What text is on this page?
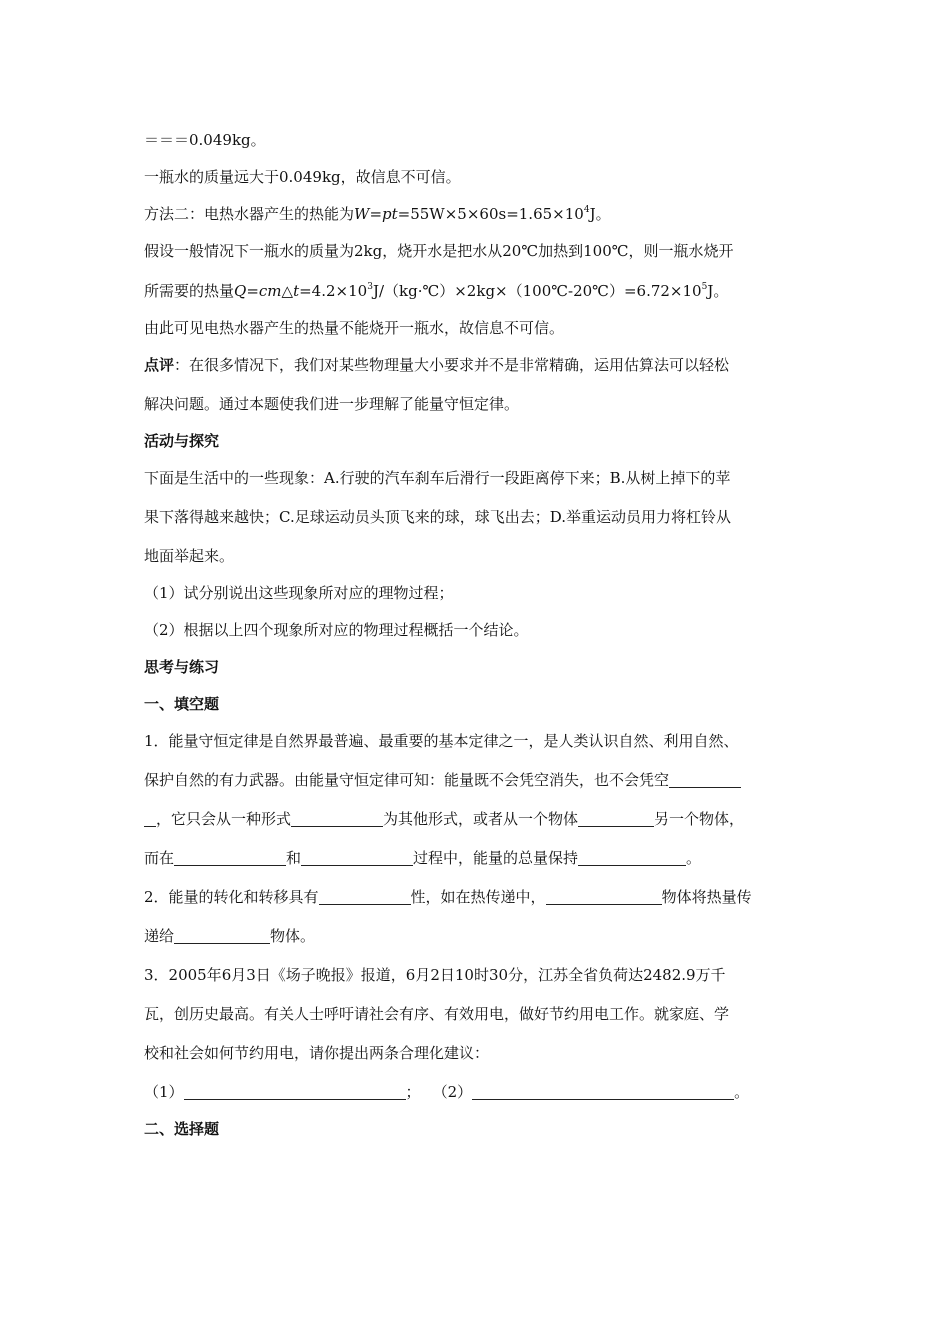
＝＝＝0.049kg。
一瓶水的质量远大于0.049kg，故信息不可信。
方法二：电热水器产生的热能为$W=pt=55W\times 5\times 60s=1.65\times 10^4J$。
假设一般情况下一瓶水的质量为2kg，烧开水是把水从20℃加热到100℃，则一瓶水烧开
所需要的热量$Q=cm\triangle t=4.2\times 10^3J/(kg\cdot℃)\times 2kg\times(100℃-20℃)=6.72\times 10^5J$。
由此可见电热水器产生的热量不能烧开一瓶水，故信息不可信。
点评：在很多情况下，我们对某些物理量大小要求并不是非常精确，运用估算法可以轻松
解决问题。通过本题使我们进一步理解了能量守恒定律。
活动与探究
下面是生活中的一些现象：A.行驶的汽车刹车后滑行一段距离停下来；B.从树上掉下的苹
果下落得越来越快；C.足球运动员头顶飞来的球，球飞出去；D.举重运动员用力将杠铃从
地面举起来。
（1）试分别说出这些现象所对应的理物过程；
（2）根据以上四个现象所对应的物理过程概括一个结论。
思考与练习
一、填空题
1．能量守恒定律是自然界最普遍、最重要的基本定律之一，是人类认识自然、利用自然、
保护自然的有力武器。由能量守恒定律可知：能量既不会凭空消失，也不会凭空
，它只会从一种形式	为其他形式，或者从一个物体	另一个物体，
而在	和	过程中，能量的总量保持	。
2．能量的转化和转移具有	性，如在热传递中，	物体将热量传
递给	物体。
3．2005年6月3日《场子晚报》报道，6月2日10时30分，江苏全省负荷达2482.9万千
瓦，创历史最高。有关人士呼吁请社会有序、有效用电，做好节约用电工作。就家庭、学
校和社会如何节约用电，请你提出两条合理化建议：
（1）	； （2）	。
二、选择题
